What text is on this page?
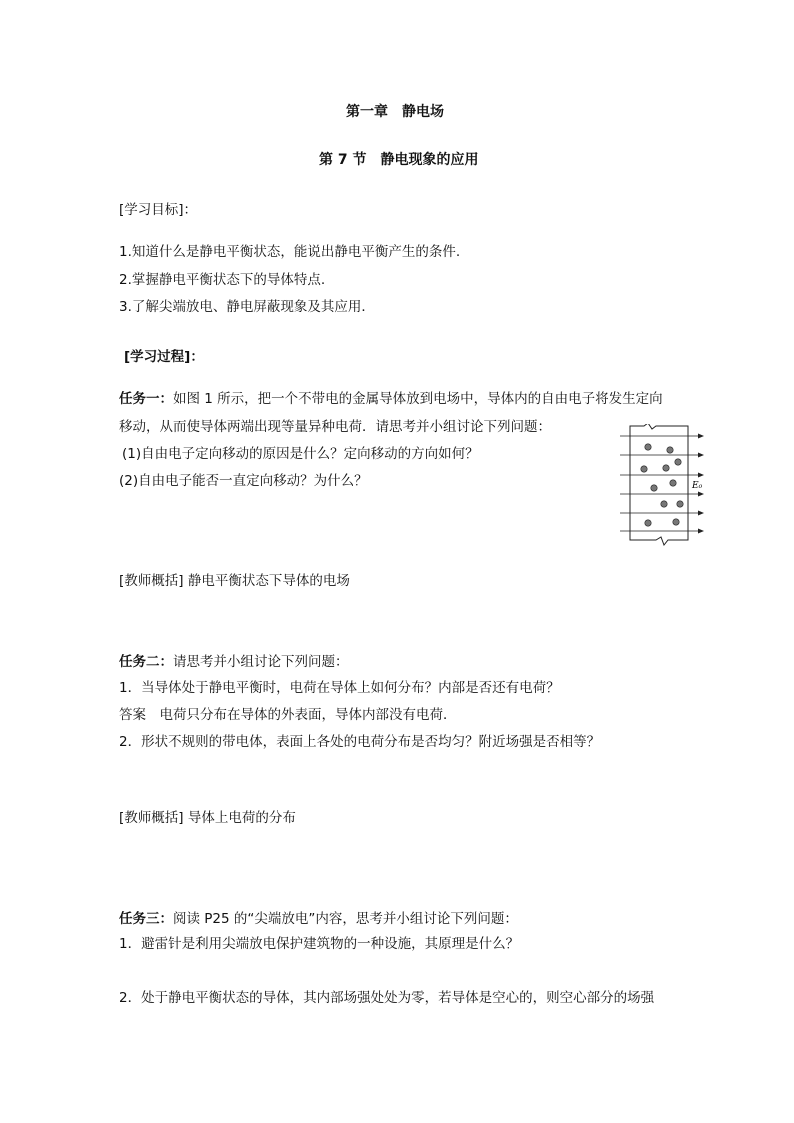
第一章　静电场
第 7 节　静电现象的应用
[学习目标]：
1.知道什么是静电平衡状态，能说出静电平衡产生的条件.
2.掌握静电平衡状态下的导体特点.
3.了解尖端放电、静电屏蔽现象及其应用．
[学习过程]：
任务一：如图 1 所示，把一个不带电的金属导体放到电场中，导体内的自由电子将发生定向
移动，从而使导体两端出现等量异种电荷．请思考并小组讨论下列问题：
(1)自由电子定向移动的原因是什么？定向移动的方向如何？
(2)自由电子能否一直定向移动？为什么？	E₀
[教师概括] 静电平衡状态下导体的电场
任务二：请思考并小组讨论下列问题：
1．当导体处于静电平衡时，电荷在导体上如何分布？内部是否还有电荷？
答案　电荷只分布在导体的外表面，导体内部没有电荷．
2．形状不规则的带电体，表面上各处的电荷分布是否均匀？附近场强是否相等？
[教师概括] 导体上电荷的分布
任务三：阅读 P25 的“尖端放电”内容，思考并小组讨论下列问题：
1．避雷针是利用尖端放电保护建筑物的一种设施，其原理是什么？
2．处于静电平衡状态的导体，其内部场强处处为零，若导体是空心的，则空心部分的场强
